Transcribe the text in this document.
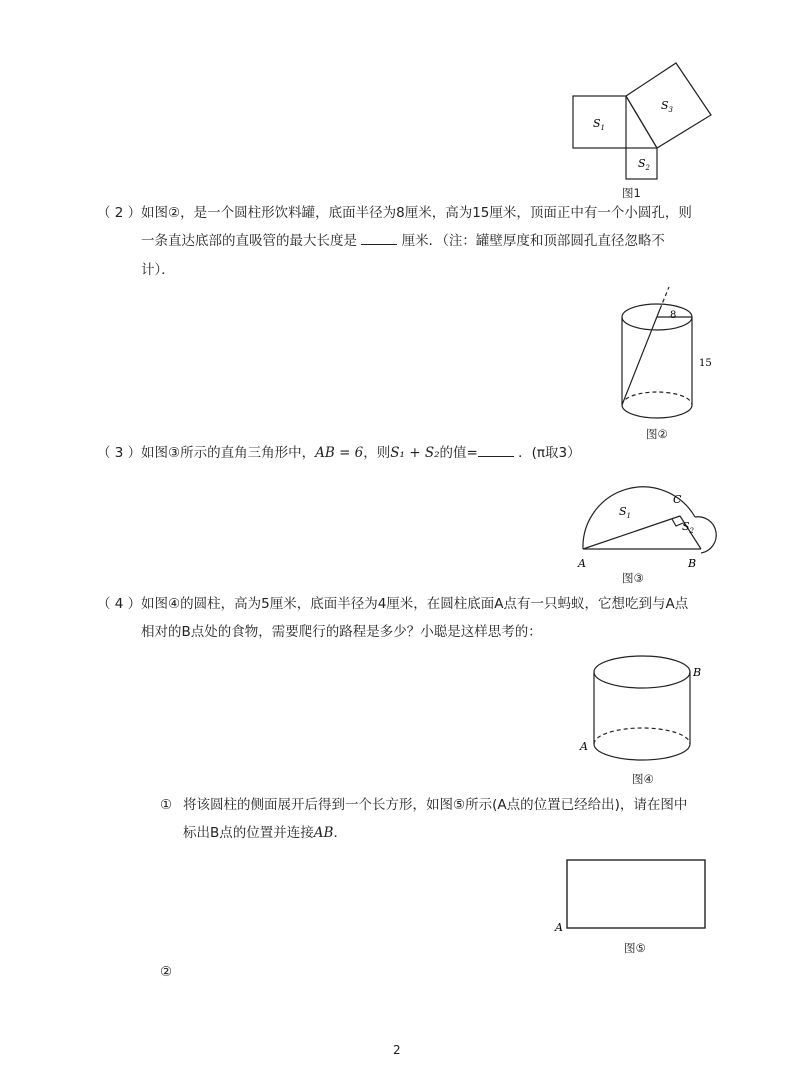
$S_1$
$S_2$
$S_3$
图1
（ 2 ） 如图②，是一个圆柱形饮料罐，底面半径为8厘米，高为15厘米，顶面正中有一个小圆孔，则
一条直达底部的直吸管的最大长度是	厘米．（注：罐壁厚度和顶部圆孔直径忽略不
计）．
8
15
图②
（ 3 ） 如图③所示的直角三角形中，AB = 6，则S₁ + S₂的值=	．(π取3）
$S_1$
$S_2$
C
A	B
图③
（ 4 ） 如图④的圆柱，高为5厘米，底面半径为4厘米，在圆柱底面A点有一只蚂蚁，它想吃到与A点
相对的B点处的食物，需要爬行的路程是多少？小聪是这样思考的：
B
A
图④
① 将该圆柱的侧面展开后得到一个长方形，如图⑤所示(A点的位置已经给出)，请在图中
标出B点的位置并连接AB．
A
图⑤
②
2
